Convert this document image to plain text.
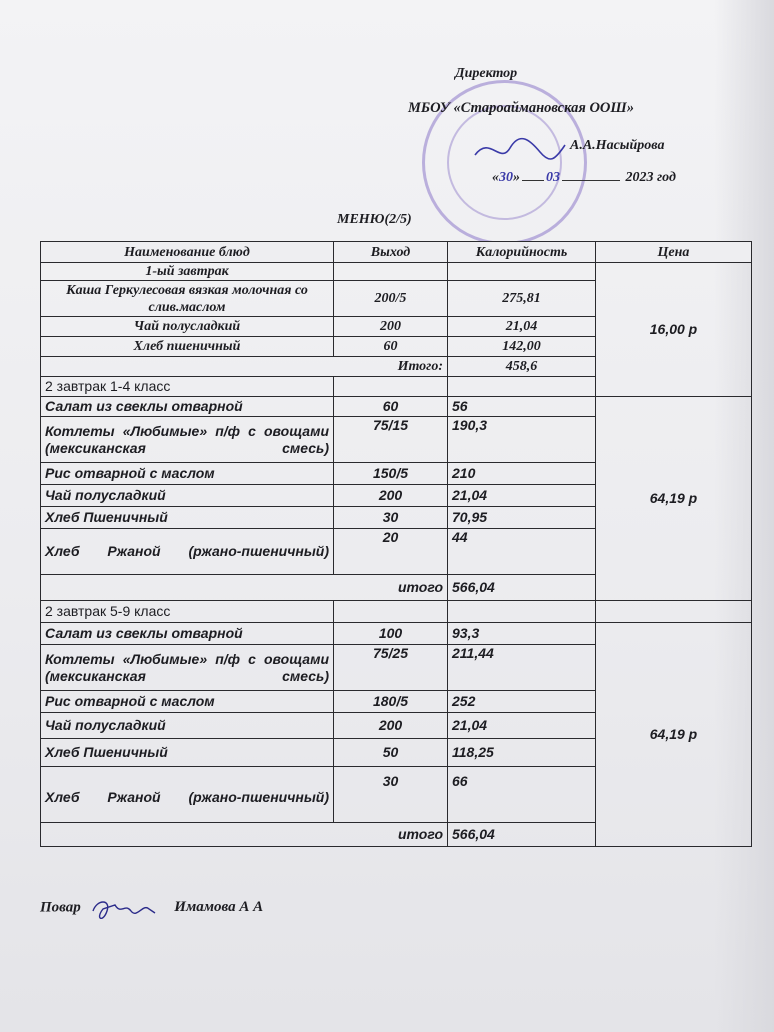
Директор
МБОУ «Староаймановская ООШ»
А.А.Насыйрова
«30» 03	2023 год
МЕНЮ(2/5)
Наименование блюд	Выход	Калорийность	Цена
1-ый завтрак			16,00 р
Каша Геркулесовая вязкая молочная со слив.маслом	200/5	275,81	
Чай полусладкий	200	21,04	
Хлеб пшеничный	60	142,00	
Итого:		458,6	
2 завтрак 1-4 класс			
Салат из свеклы отварной	60	56	64,19 р
Котлеты «Любимые» п/ф с овощами (мексиканская смесь)	75/15	190,3	
Рис отварной с маслом	150/5	210	
Чай полусладкий	200	21,04	
Хлеб Пшеничный	30	70,95	
Хлеб Ржаной (ржано-пшеничный)	20	44	
итого		566,04	
2 завтрак 5-9 класс			
Салат из свеклы отварной	100	93,3	64,19 р
Котлеты «Любимые» п/ф с овощами (мексиканская смесь)	75/25	211,44	
Рис отварной с маслом	180/5	252	
Чай полусладкий	200	21,04	
Хлеб Пшеничный	50	118,25	
Хлеб Ржаной (ржано-пшеничный)	30	66	
итого		566,04	
Повар	Имамова А А
